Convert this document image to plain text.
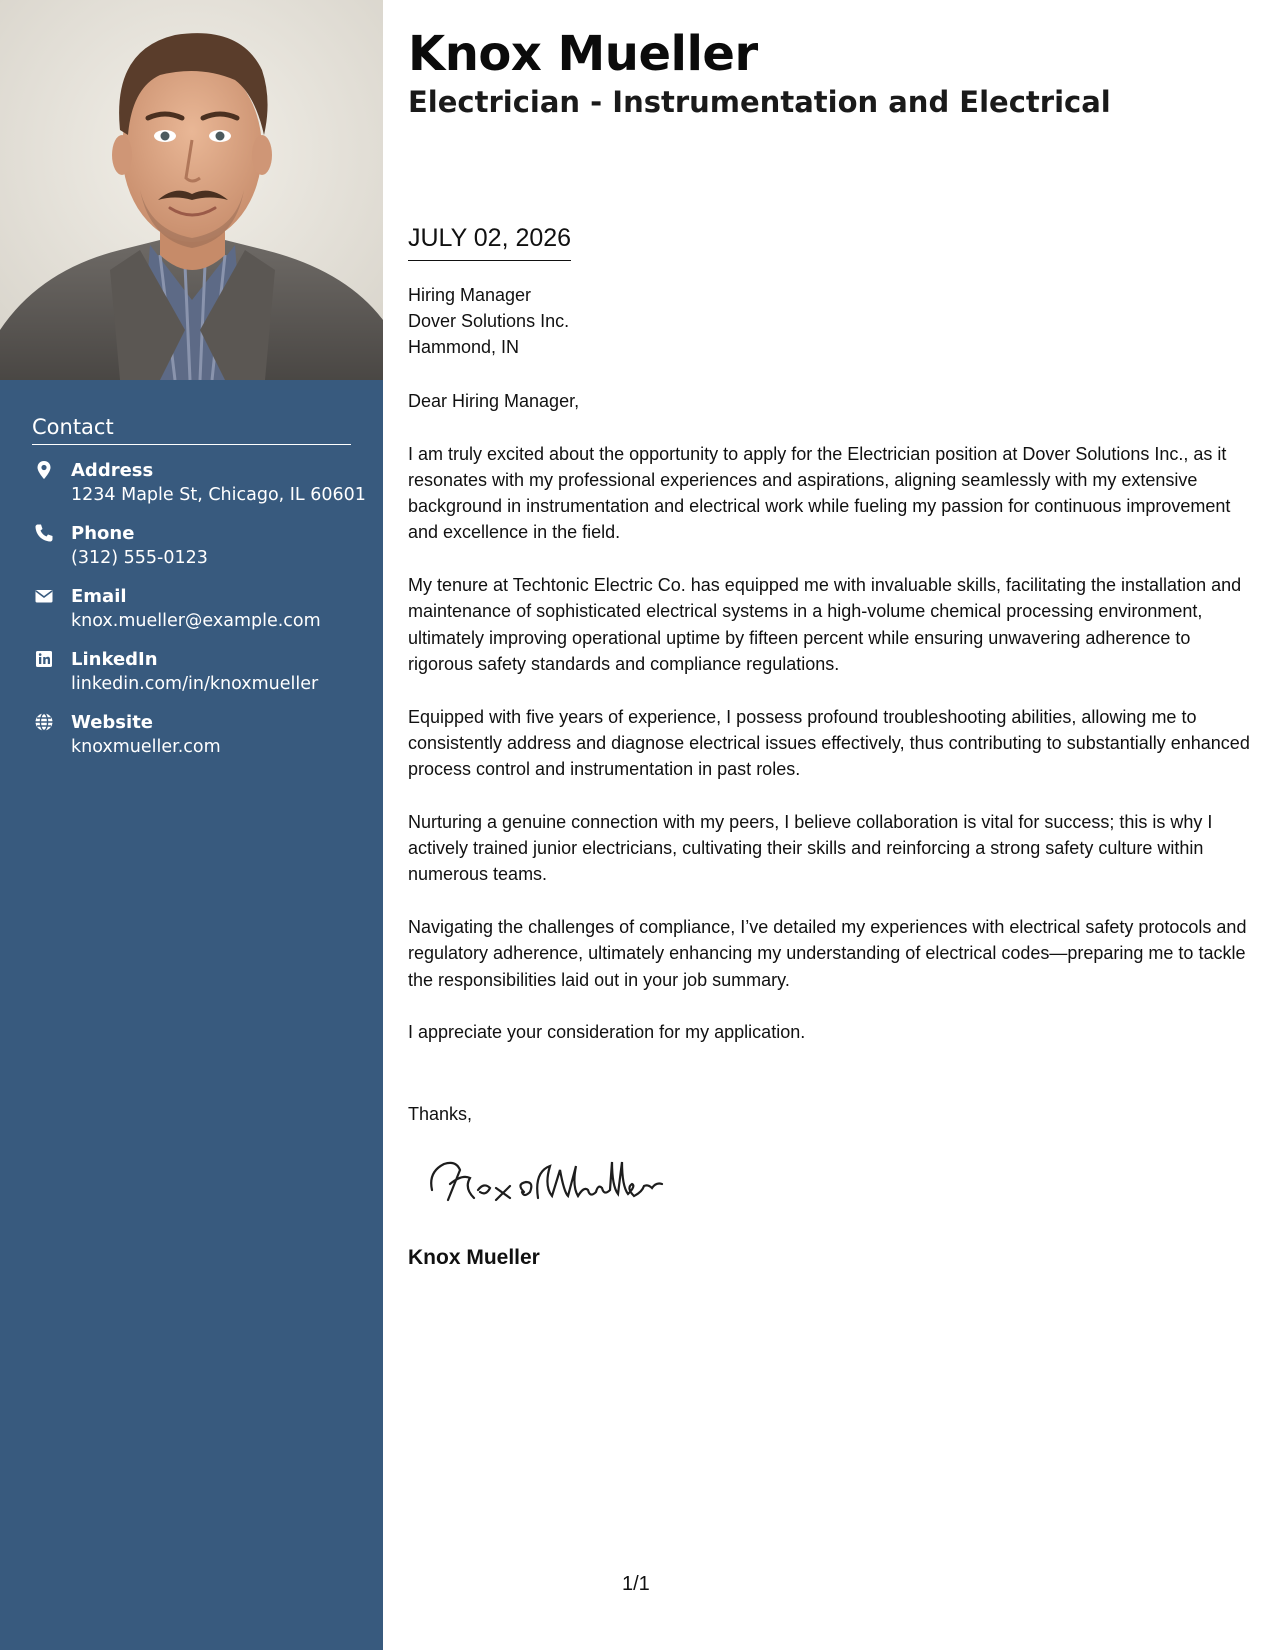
Contact
Address
1234 Maple St, Chicago, IL 60601
Phone
(312) 555-0123
Email
knox.mueller@example.com
LinkedIn
linkedin.com/in/knoxmueller
Website
knoxmueller.com
Knox Mueller
Electrician - Instrumentation and Electrical
JULY 02, 2026
Hiring Manager
Dover Solutions Inc.
Hammond, IN

Dear Hiring Manager,

I am truly excited about the opportunity to apply for the Electrician position at Dover Solutions Inc., as it resonates with my professional experiences and aspirations, aligning seamlessly with my extensive background in instrumentation and electrical work while fueling my passion for continuous improvement and excellence in the field.

My tenure at Techtonic Electric Co. has equipped me with invaluable skills, facilitating the installation and maintenance of sophisticated electrical systems in a high-volume chemical processing environment, ultimately improving operational uptime by fifteen percent while ensuring unwavering adherence to rigorous safety standards and compliance regulations.

Equipped with five years of experience, I possess profound troubleshooting abilities, allowing me to consistently address and diagnose electrical issues effectively, thus contributing to substantially enhanced process control and instrumentation in past roles.

Nurturing a genuine connection with my peers, I believe collaboration is vital for success; this is why I actively trained junior electricians, cultivating their skills and reinforcing a strong safety culture within numerous teams.

Navigating the challenges of compliance, I’ve detailed my experiences with electrical safety protocols and regulatory adherence, ultimately enhancing my understanding of electrical codes—preparing me to tackle the responsibilities laid out in your job summary.

I appreciate your consideration for my application.

Thanks,
Knox Mueller
1/1
